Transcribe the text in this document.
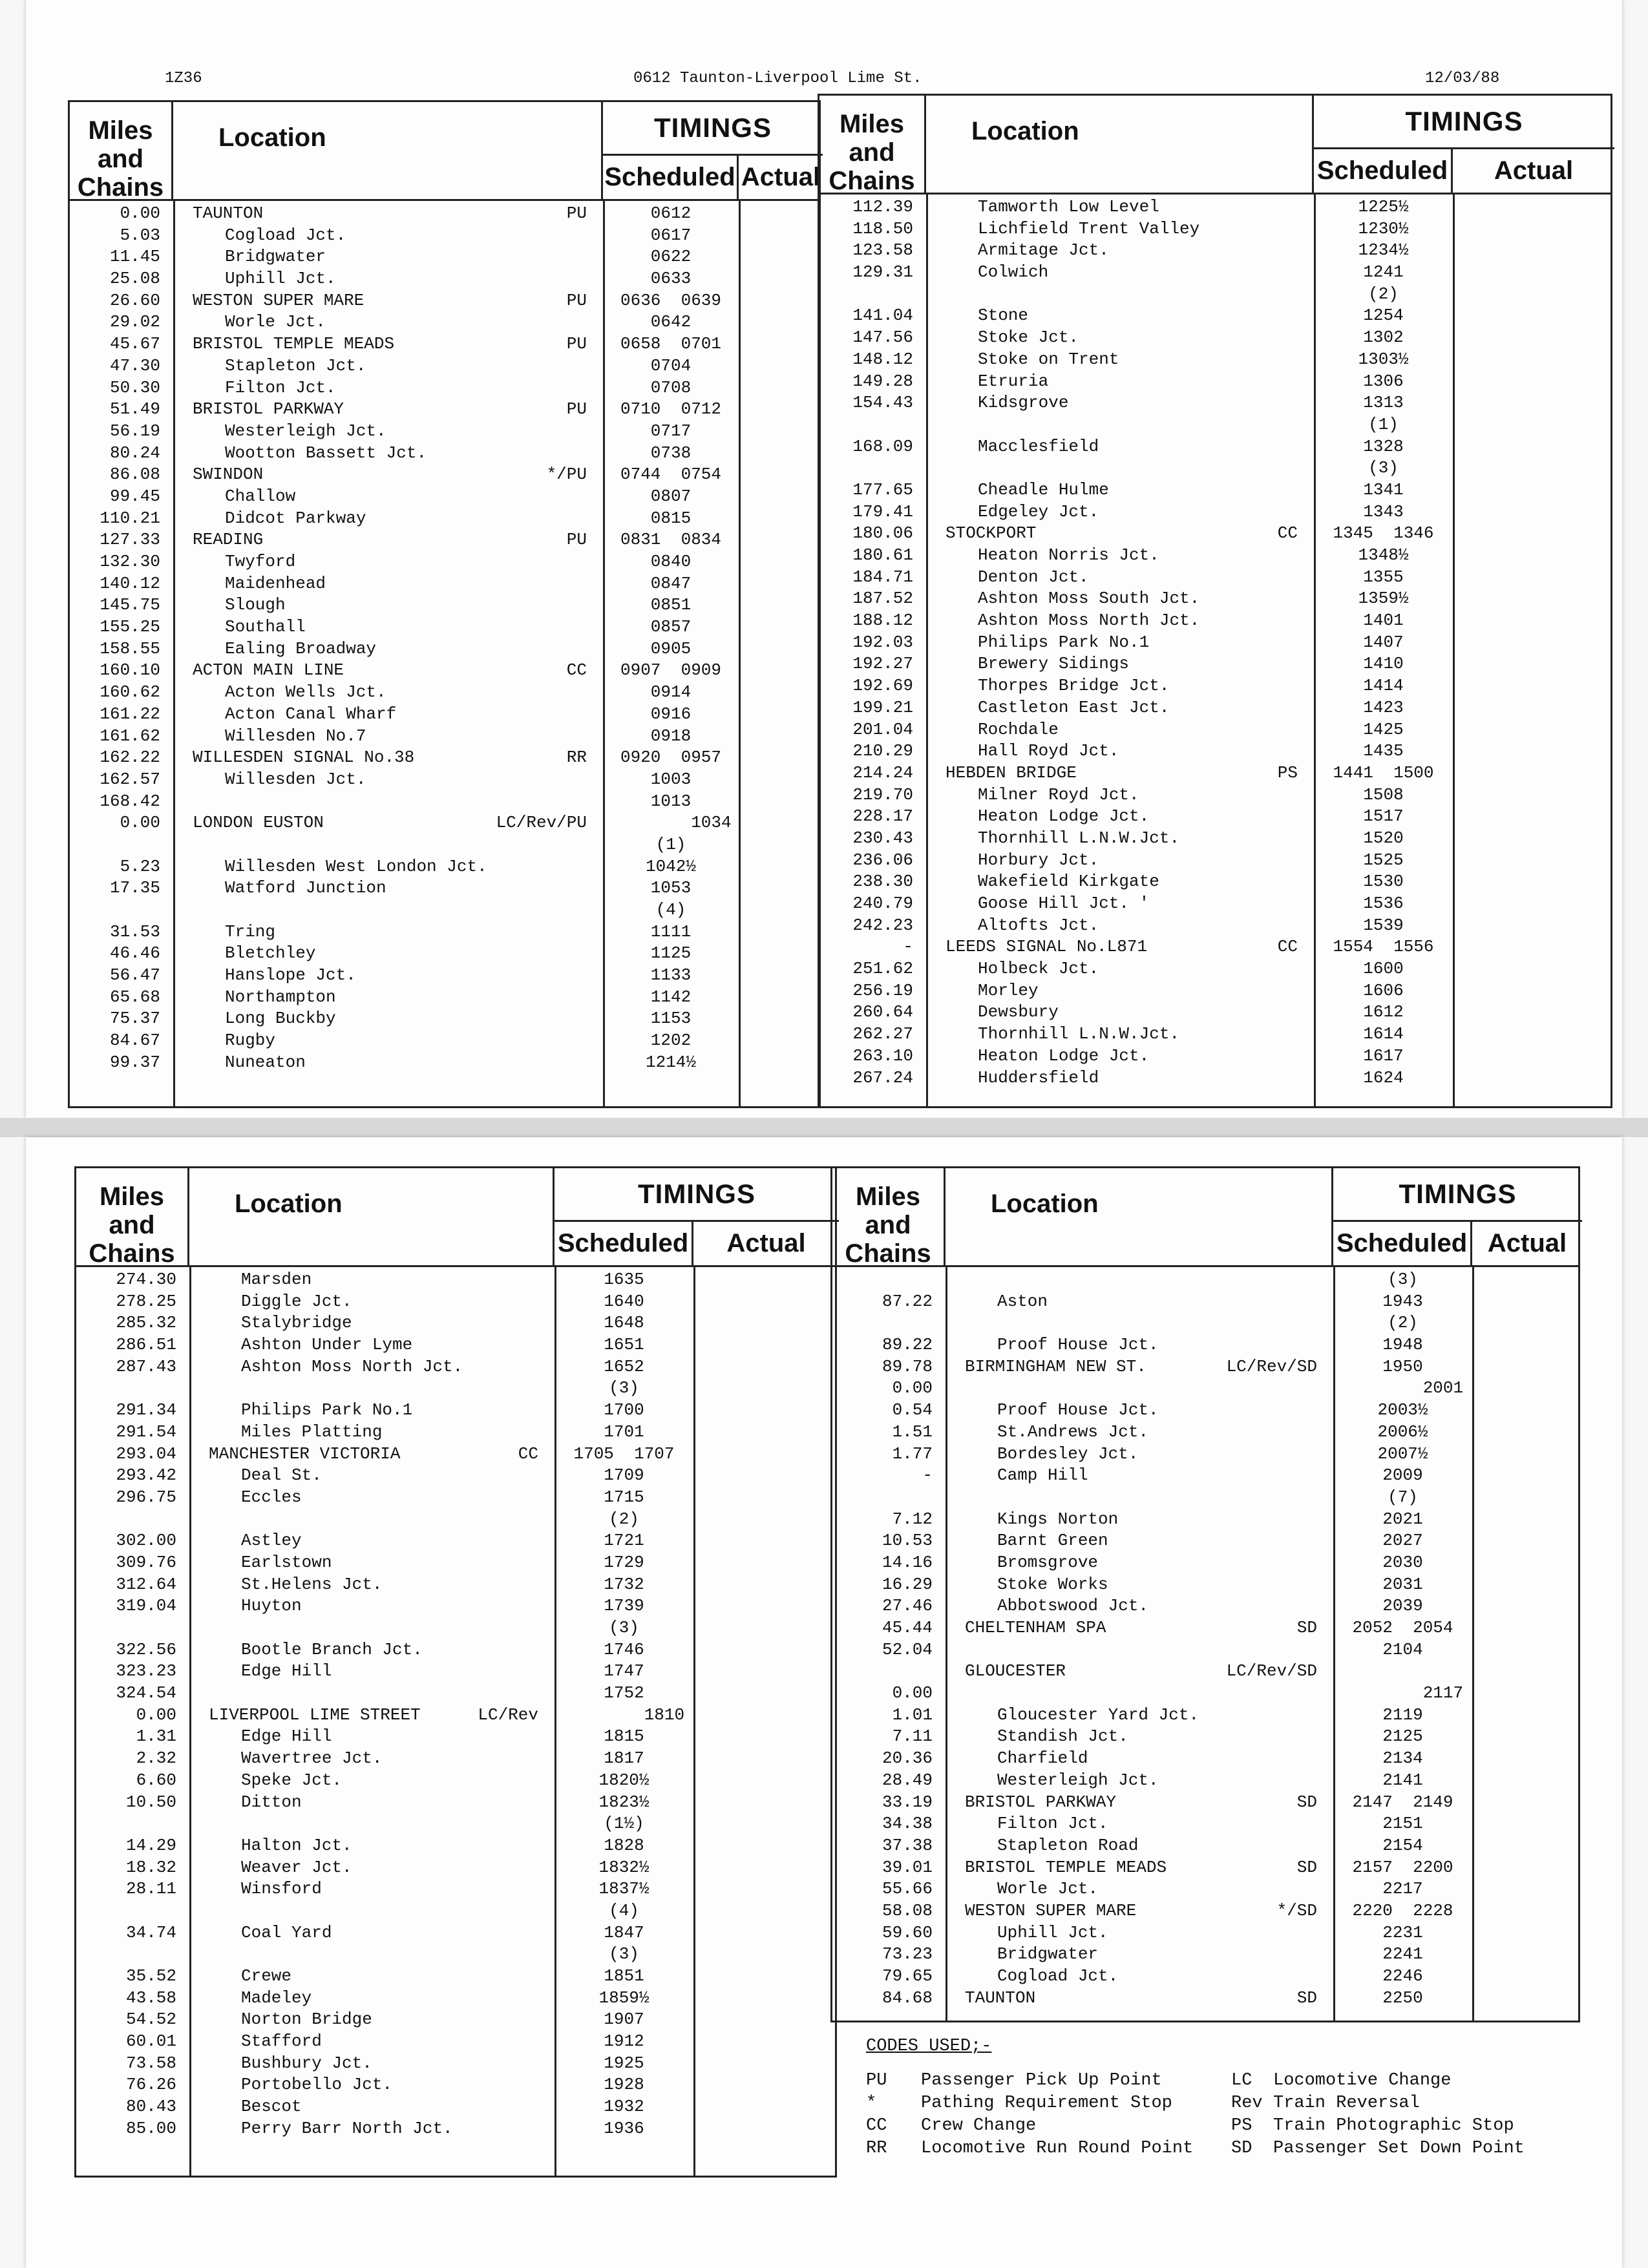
1Z36	0612 Taunton-Liverpool Lime St.	12/03/88
Miles and Chains
Location	TIMINGS
Scheduled Actual
0.00 TAUNTON	PU	0612
5.03	Cogload Jct.	0617
11.45	Bridgwater	0622
25.08	Uphill Jct.	0633
26.60 WESTON SUPER MARE	PU	0636  0639
29.02	Worle Jct.	0642
45.67 BRISTOL TEMPLE MEADS	PU	0658  0701
47.30	Stapleton Jct.	0704
50.30	Filton Jct.	0708
51.49 BRISTOL PARKWAY	PU	0710  0712
56.19	Westerleigh Jct.	0717
80.24	Wootton Bassett Jct.	0738
86.08 SWINDON	*/PU	0744  0754
99.45	Challow	0807
110.21	Didcot Parkway	0815
127.33 READING	PU	0831  0834
132.30	Twyford	0840
140.12	Maidenhead	0847
145.75	Slough	0851
155.25	Southall	0857
158.55	Ealing Broadway	0905
160.10 ACTON MAIN LINE	CC	0907  0909
160.62	Acton Wells Jct.	0914
161.22	Acton Canal Wharf	0916
161.62	Willesden No.7	0918
162.22 WILLESDEN SIGNAL No.38	RR	0920  0957
162.57	Willesden Jct.	1003
168.42	1013
0.00 LONDON EUSTON	LC/Rev/PU	1034
(1)
5.23	Willesden West London Jct.	1042½
17.35	Watford Junction	1053
(4)
31.53	Tring	1111
46.46	Bletchley	1125
56.47	Hanslope Jct.	1133
65.68	Northampton	1142
75.37	Long Buckby	1153
84.67	Rugby	1202
99.37	Nuneaton	1214½
Miles and Chains
Location	TIMINGS
Scheduled	Actual
112.39	Tamworth Low Level	1225½
118.50	Lichfield Trent Valley	1230½
123.58	Armitage Jct.	1234½
129.31	Colwich	1241
(2)
141.04	Stone	1254
147.56	Stoke Jct.	1302
148.12	Stoke on Trent	1303½
149.28	Etruria	1306
154.43	Kidsgrove	1313
(1)
168.09	Macclesfield	1328
(3)
177.65	Cheadle Hulme	1341
179.41	Edgeley Jct.	1343
180.06 STOCKPORT	CC	1345  1346
180.61	Heaton Norris Jct.	1348½
184.71	Denton Jct.	1355
187.52	Ashton Moss South Jct.	1359½
188.12	Ashton Moss North Jct.	1401
192.03	Philips Park No.1	1407
192.27	Brewery Sidings	1410
192.69	Thorpes Bridge Jct.	1414
199.21	Castleton East Jct.	1423
201.04	Rochdale	1425
210.29	Hall Royd Jct.	1435
214.24 HEBDEN BRIDGE	PS	1441  1500
219.70	Milner Royd Jct.	1508
228.17	Heaton Lodge Jct.	1517
230.43	Thornhill L.N.W.Jct.	1520
236.06	Horbury Jct.	1525
238.30	Wakefield Kirkgate	1530
240.79	Goose Hill Jct. '	1536
242.23	Altofts Jct.	1539
- LEEDS SIGNAL No.L871	CC	1554  1556
251.62	Holbeck Jct.	1600
256.19	Morley	1606
260.64	Dewsbury	1612
262.27	Thornhill L.N.W.Jct.	1614
263.10	Heaton Lodge Jct.	1617
267.24	Huddersfield	1624
Miles and Chains
Location	TIMINGS
Scheduled	Actual
274.30	Marsden	1635
278.25	Diggle Jct.	1640
285.32	Stalybridge	1648
286.51	Ashton Under Lyme	1651
287.43	Ashton Moss North Jct.	1652
(3)
291.34	Philips Park No.1	1700
291.54	Miles Platting	1701
293.04 MANCHESTER VICTORIA	CC	1705  1707
293.42	Deal St.	1709
296.75	Eccles	1715
(2)
302.00	Astley	1721
309.76	Earlstown	1729
312.64	St.Helens Jct.	1732
319.04	Huyton	1739
(3)
322.56	Bootle Branch Jct.	1746
323.23	Edge Hill	1747
324.54	1752
0.00 LIVERPOOL LIME STREET	LC/Rev	1810
1.31	Edge Hill	1815
2.32	Wavertree Jct.	1817
6.60	Speke Jct.	1820½
10.50	Ditton	1823½
(1½)
14.29	Halton Jct.	1828
18.32	Weaver Jct.	1832½
28.11	Winsford	1837½
(4)
34.74	Coal Yard	1847
(3)
35.52	Crewe	1851
43.58	Madeley	1859½
54.52	Norton Bridge	1907
60.01	Stafford	1912
73.58	Bushbury Jct.	1925
76.26	Portobello Jct.	1928
80.43	Bescot	1932
85.00	Perry Barr North Jct.	1936
Miles and Chains
Location	TIMINGS
Scheduled Actual
(3)
87.22	Aston	1943
(2)
89.22	Proof House Jct.	1948
89.78 BIRMINGHAM NEW ST.	LC/Rev/SD	1950
0.00	2001
0.54	Proof House Jct.	2003½
1.51	St.Andrews Jct.	2006½
1.77	Bordesley Jct.	2007½
-	Camp Hill	2009
(7)
7.12	Kings Norton	2021
10.53	Barnt Green	2027
14.16	Bromsgrove	2030
16.29	Stoke Works	2031
27.46	Abbotswood Jct.	2039
45.44 CHELTENHAM SPA	SD	2052  2054
52.04	2104
GLOUCESTER	LC/Rev/SD
0.00	2117
1.01	Gloucester Yard Jct.	2119
7.11	Standish Jct.	2125
20.36	Charfield	2134
28.49	Westerleigh Jct.	2141
33.19 BRISTOL PARKWAY	SD	2147  2149
34.38	Filton Jct.	2151
37.38	Stapleton Road	2154
39.01 BRISTOL TEMPLE MEADS	SD	2157  2200
55.66	Worle Jct.	2217
58.08 WESTON SUPER MARE	*/SD	2220  2228
59.60	Uphill Jct.	2231
73.23	Bridgwater	2241
79.65	Cogload Jct.	2246
84.68 TAUNTON	SD	2250
CODES USED;-
PU Passenger Pick Up Point	LC Locomotive Change
*	Pathing Requirement Stop	Rev Train Reversal
CC Crew Change	PS Train Photographic Stop
RR Locomotive Run Round Point SD Passenger Set Down Point
